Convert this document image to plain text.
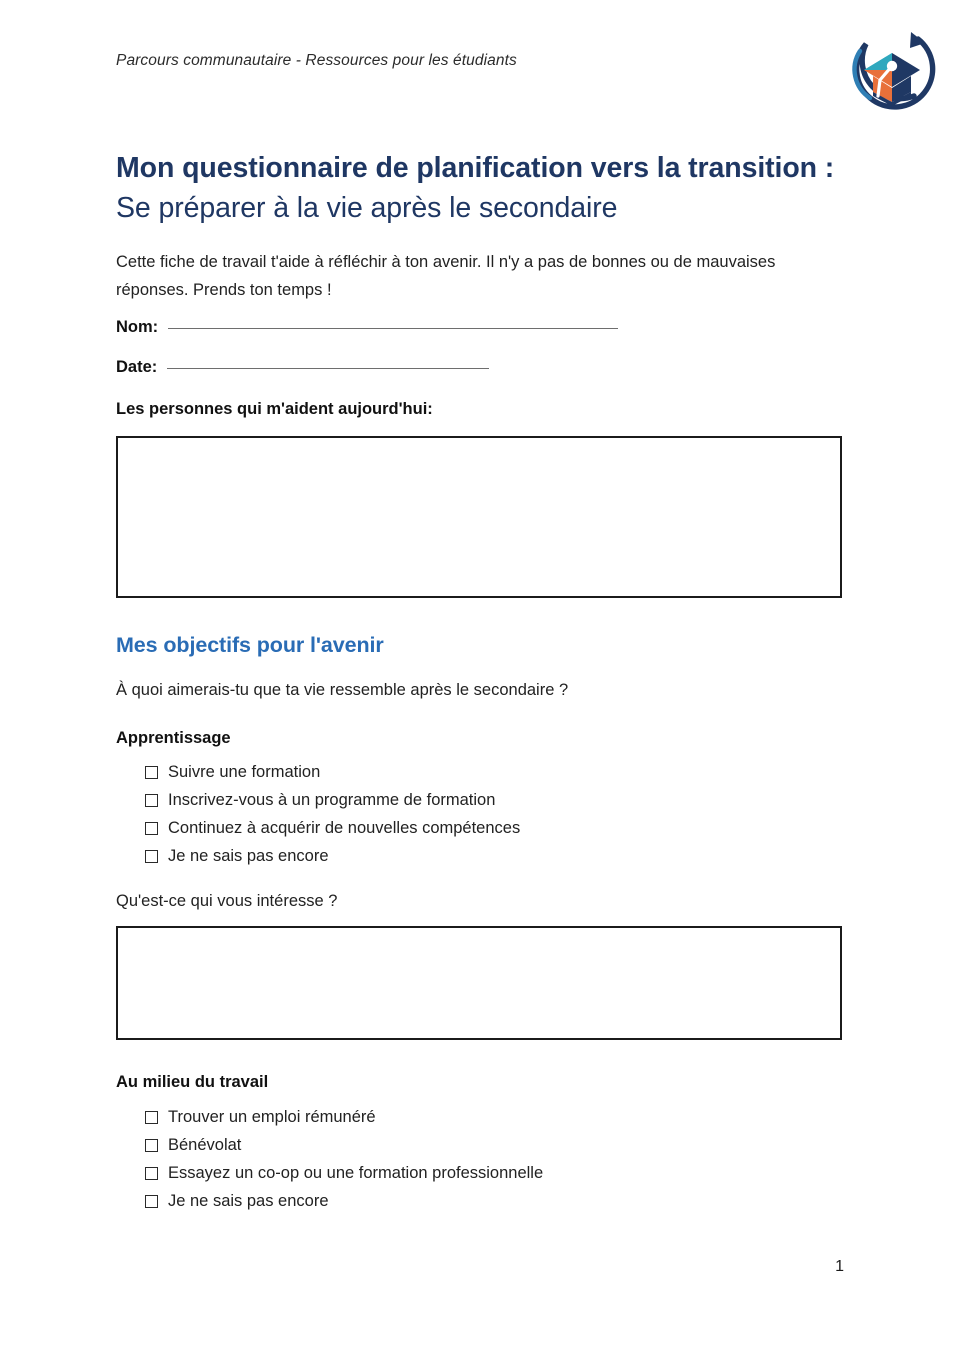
Parcours communautaire - Ressources pour les étudiants
Mon questionnaire de planification vers la transition : Se préparer à la vie après le secondaire

Cette fiche de travail t'aide à réfléchir à ton avenir. Il n'y a pas de bonnes ou de mauvaises réponses. Prends ton temps !

Nom:
Date:
Les personnes qui m'aident aujourd'hui:
Mes objectifs pour l'avenir

À quoi aimerais-tu que ta vie ressemble après le secondaire ?

Apprentissage
Suivre une formation
Inscrivez-vous à un programme de formation
Continuez à acquérir de nouvelles compétences
Je ne sais pas encore

Qu'est-ce qui vous intéresse ?

Au milieu du travail
Trouver un emploi rémunéré
Bénévolat
Essayez un co-op ou une formation professionnelle
Je ne sais pas encore
1
